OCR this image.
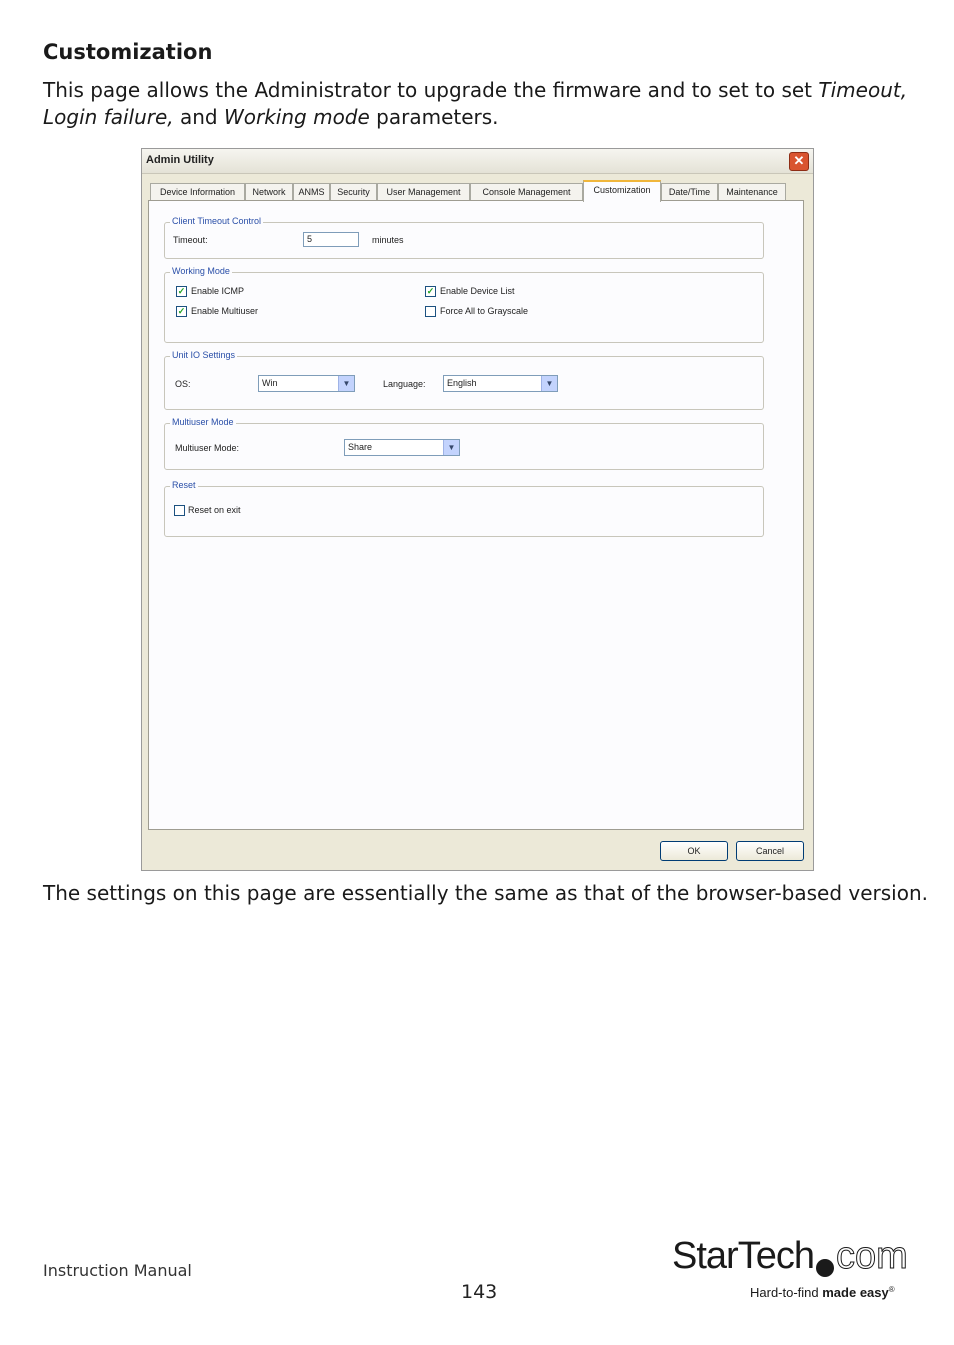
Customization

This page allows the Administrator to upgrade the firmware and to set to set Timeout,
Login failure, and Working mode parameters.

Admin Utility	✕
Device Information	Network	ANMS	Security	User Management	Console Management	Customization	Date/Time	Maintenance
Client Timeout Control
Timeout:	5	minutes
Working Mode
✓ Enable ICMP
✓ Enable Multiuser
✓ Enable Device List
Force All to Grayscale
Unit IO Settings
OS:	Win	▼	Language:	English	▼
Multiuser Mode
Multiuser Mode:	Share	▼
Reset
Reset on exit
OK	Cancel

The settings on this page are essentially the same as that of the browser-based version.

Instruction Manual
143
StarTech com
Hard-to-find made easy®
